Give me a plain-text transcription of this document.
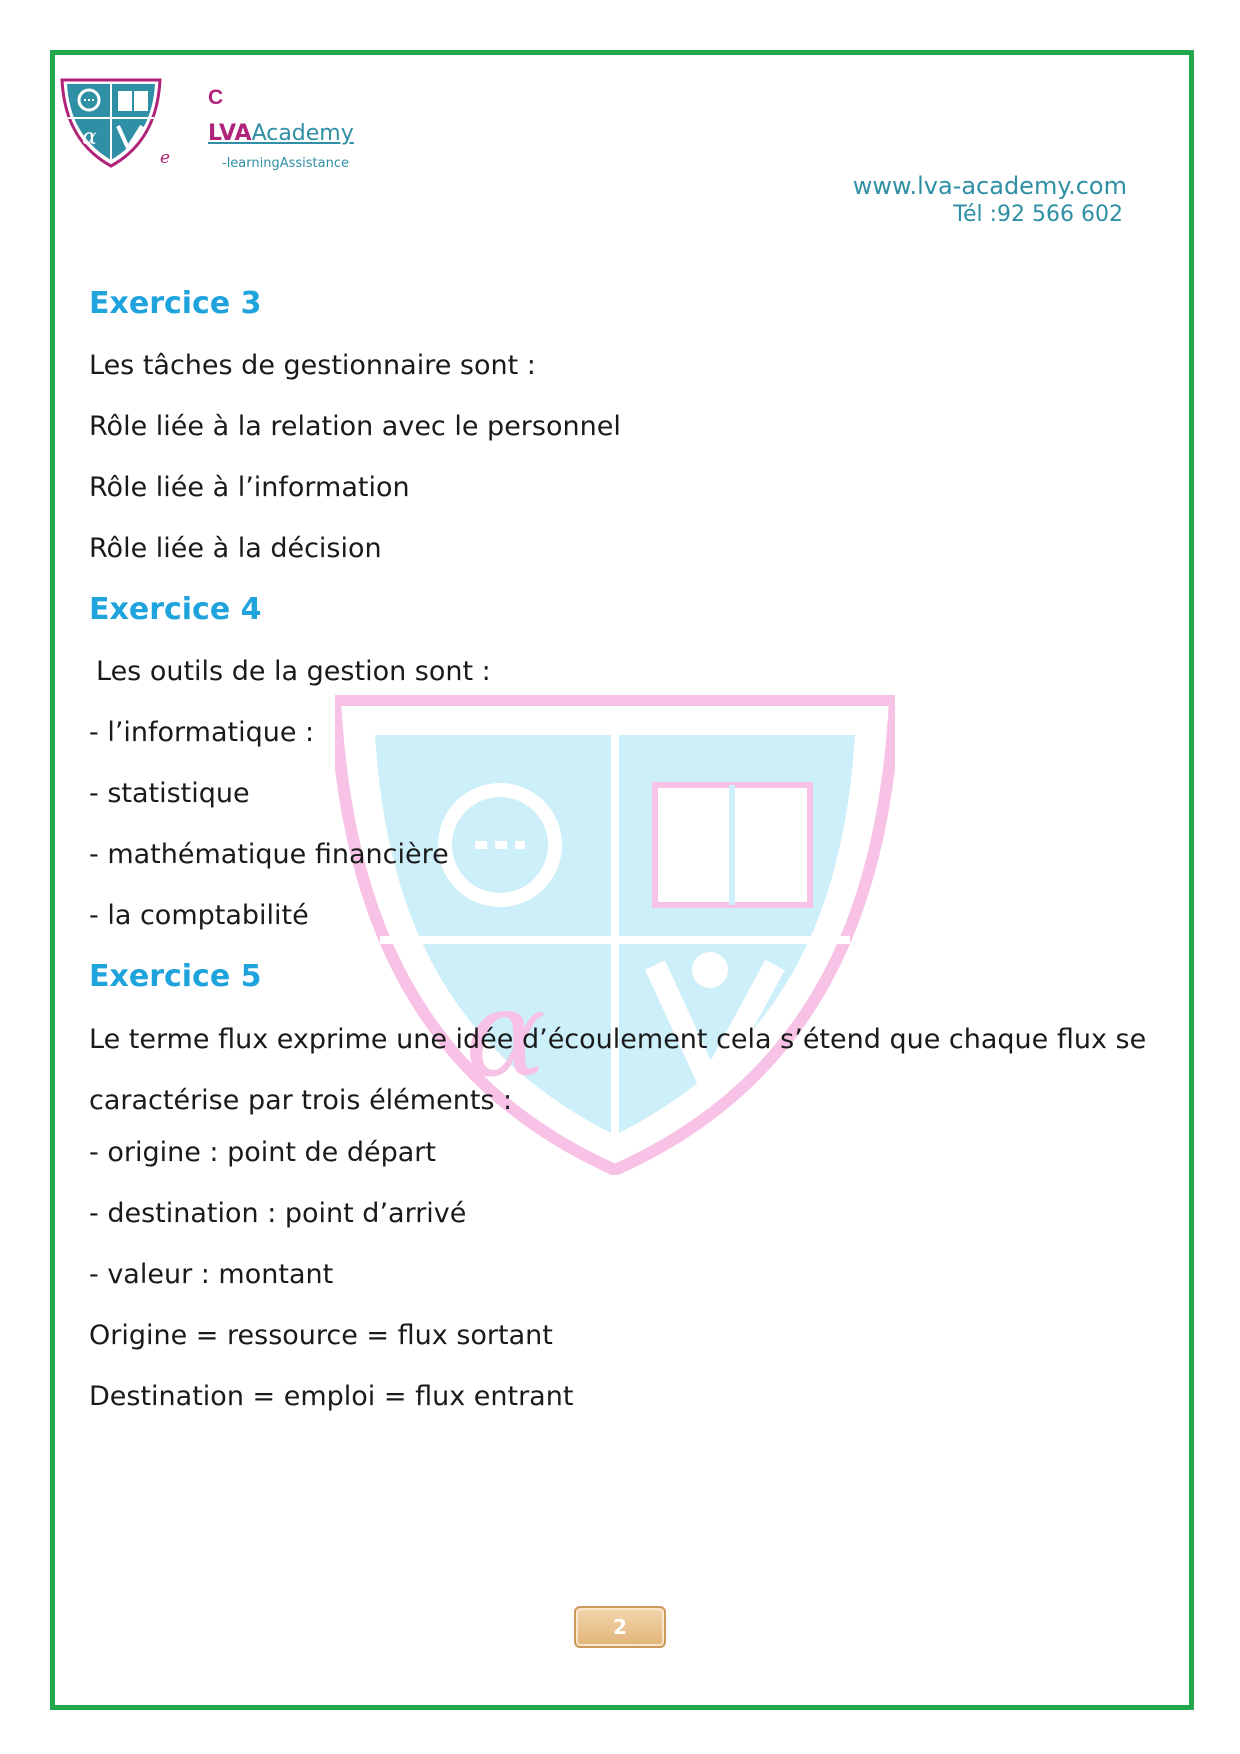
α
e
C
LVAAcademy
-learningAssistance
www.lva-academy.com
Tél :92 566 602
α
Exercice 3
Les tâches de gestionnaire sont :
Rôle liée à la relation avec le personnel
Rôle liée à l’information
Rôle liée à la décision
Exercice 4
Les outils de la gestion sont :
- l’informatique :
- statistique
- mathématique financière
- la comptabilité
Exercice 5
Le terme flux exprime une idée d’écoulement cela s’étend que chaque flux se caractérise par trois éléments :
- origine : point de départ
- destination : point d’arrivé
- valeur : montant
Origine = ressource = flux sortant
Destination = emploi = flux entrant
2
